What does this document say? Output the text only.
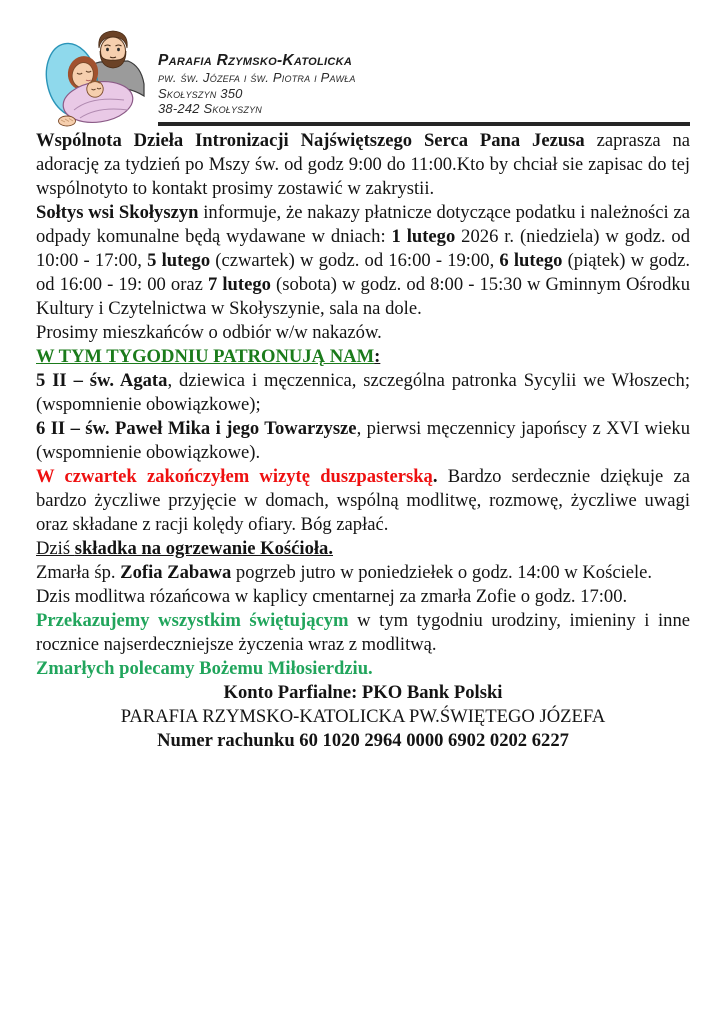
Parafia Rzymsko-Katolicka

pw. św. Józefa i św. Piotra i Pawła

Skołyszyn 350

38-242 Skołyszyn

Wspólnota Dzieła Intronizacji Najświętszego Serca Pana Jezusa zaprasza na adorację za tydzień po Mszy św. od godz 9:00 do 11:00.Kto by chciał sie zapisac do tej wspólnotyto to kontakt prosimy zostawić w zakrystii.

Sołtys wsi Skołyszyn informuje, że nakazy płatnicze dotyczące podatku i należności za odpady komunalne będą wydawane w dniach: 1 lutego 2026 r. (niedziela) w godz. od 10:00 - 17:00, 5 lutego (czwartek) w godz. od 16:00 - 19:00, 6 lutego (piątek) w godz. od 16:00 - 19: 00 oraz 7 lutego (sobota) w godz. od 8:00 - 15:30 w Gminnym Ośrodku Kultury i Czytelnictwa w Skołyszynie, sala na dole.

Prosimy mieszkańców o odbiór w/w nakazów.

W TYM TYGODNIU PATRONUJĄ NAM:

5 II – św. Agata, dziewica i męczennica, szczególna patronka Sycylii we Włoszech; (wspomnienie obowiązkowe);

6 II – św. Paweł Mika i jego Towarzysze, pierwsi męczennicy japońscy z XVI wieku (wspomnienie obowiązkowe).

W czwartek zakończyłem wizytę duszpasterską. Bardzo serdecznie dziękuje za bardzo życzliwe przyjęcie w domach, wspólną modlitwę, rozmowę, życzliwe uwagi oraz składane z racji kolędy ofiary. Bóg zapłać.

Dziś składka na ogrzewanie Kośćioła.

Zmarła śp. Zofia Zabawa pogrzeb jutro w poniedziełek o godz. 14:00 w Kościele.

Dzis modlitwa rózańcowa w kaplicy cmentarnej za zmarła Zofie o godz. 17:00.

Przekazujemy wszystkim świętującym w tym tygodniu urodziny, imieniny i inne rocznice najserdeczniejsze życzenia wraz z modlitwą.

Zmarłych polecamy Bożemu Miłosierdziu.

Konto Parfialne: PKO Bank Polski

PARAFIA RZYMSKO-KATOLICKA PW.ŚWIĘTEGO JÓZEFA

Numer rachunku 60 1020 2964 0000 6902 0202 6227
